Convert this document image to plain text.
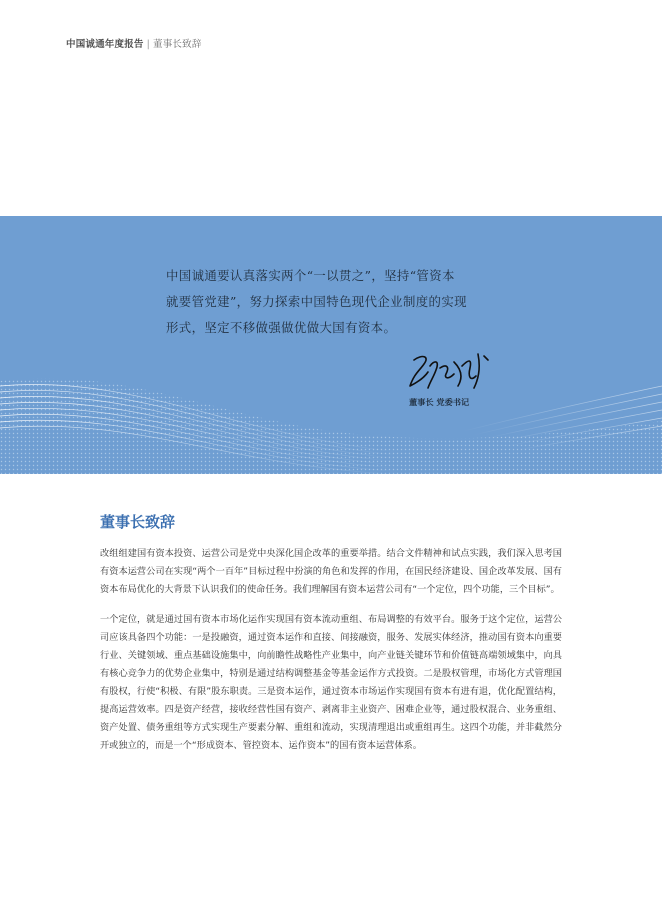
中国诚通年度报告 | 董事长致辞

中国诚通要认真落实两个“一以贯之”，坚持“管资本

就要管党建”，努力探索中国特色现代企业制度的实现

形式，坚定不移做强做优做大国有资本。

董事长 党委书记
董事长致辞

改组组建国有资本投资、运营公司是党中央深化国企改革的重要举措。结合文件精神和试点实践，我们深入思考国有资本运营公司在实现“两个一百年”目标过程中扮演的角色和发挥的作用，在国民经济建设、国企改革发展、国有资本布局优化的大背景下认识我们的使命任务。我们理解国有资本运营公司有“一个定位，四个功能，三个目标”。

一个定位，就是通过国有资本市场化运作实现国有资本流动重组、布局调整的有效平台。服务于这个定位，运营公司应该具备四个功能：一是投融资，通过资本运作和直接、间接融资，服务、发展实体经济，推动国有资本向重要行业、关键领域、重点基础设施集中，向前瞻性战略性产业集中，向产业链关键环节和价值链高端领域集中，向具有核心竞争力的优势企业集中，特别是通过结构调整基金等基金运作方式投资。二是股权管理，市场化方式管理国有股权，行使“积极、有限”股东职责。三是资本运作，通过资本市场运作实现国有资本有进有退，优化配置结构，提高运营效率。四是资产经营，接收经营性国有资产、剥离非主业资产、困难企业等，通过股权混合、业务重组、资产处置、债务重组等方式实现生产要素分解、重组和流动，实现清理退出或重组再生。这四个功能，并非截然分开或独立的，而是一个“形成资本、管控资本、运作资本”的国有资本运营体系。
